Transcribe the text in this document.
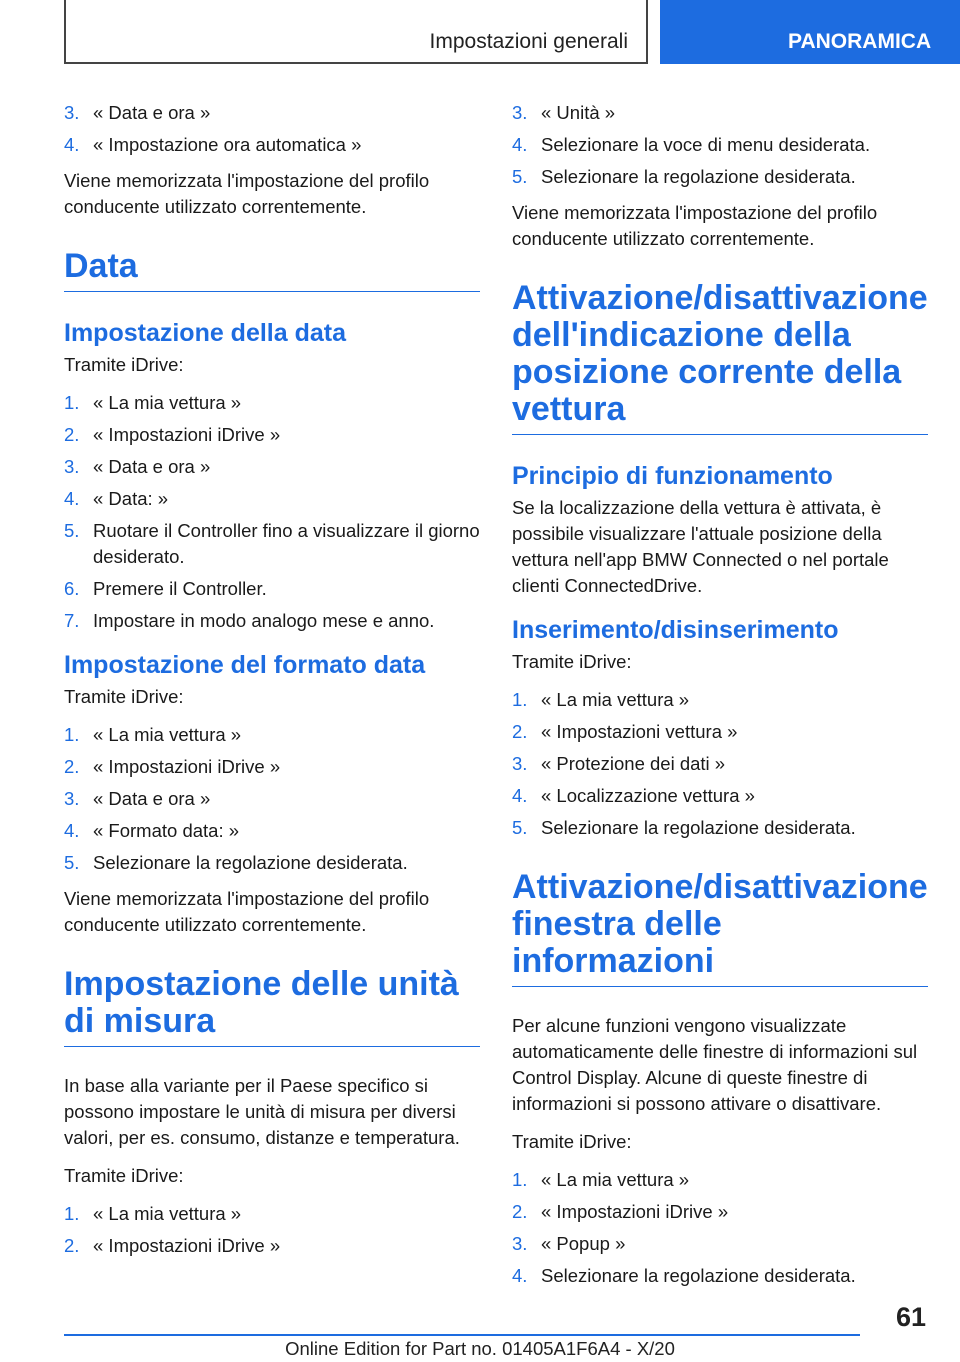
Impostazioni generali	PANORAMICA
3. « Data e ora »
4. « Impostazione ora automatica »

Viene memorizzata l'impostazione del profilo conducente utilizzato correntemente.

Data
Impostazione della data

Tramite iDrive:

1. « La mia vettura »
2. « Impostazioni iDrive »
3. « Data e ora »
4. « Data: »
5. Ruotare il Controller fino a visualizzare il giorno desiderato.
6. Premere il Controller.
7. Impostare in modo analogo mese e anno.
Impostazione del formato data

Tramite iDrive:

1. « La mia vettura »
2. « Impostazioni iDrive »
3. « Data e ora »
4. « Formato data: »
5. Selezionare la regolazione desiderata.

Viene memorizzata l'impostazione del profilo conducente utilizzato correntemente.

Impostazione delle unità di misura

In base alla variante per il Paese specifico si possono impostare le unità di misura per diversi valori, per es. consumo, distanze e temperatura.

Tramite iDrive:

1. « La mia vettura »
2. « Impostazioni iDrive »
3. « Unità »
4. Selezionare la voce di menu desiderata.
5. Selezionare la regolazione desiderata.

Viene memorizzata l'impostazione del profilo conducente utilizzato correntemente.

Attivazione/disattivazione dell'indicazione della posizione corrente della vettura
Principio di funzionamento

Se la localizzazione della vettura è attivata, è possibile visualizzare l'attuale posizione della vettura nell'app BMW Connected o nel portale clienti ConnectedDrive.

Inserimento/disinserimento

Tramite iDrive:

1. « La mia vettura »
2. « Impostazioni vettura »
3. « Protezione dei dati »
4. « Localizzazione vettura »
5. Selezionare la regolazione desiderata.
Attivazione/disattivazione finestra delle informazioni

Per alcune funzioni vengono visualizzate automaticamente delle finestre di informazioni sul Control Display. Alcune di queste finestre di informazioni si possono attivare o disattivare.

Tramite iDrive:

1. « La mia vettura »
2. « Impostazioni iDrive »
3. « Popup »
4. Selezionare la regolazione desiderata.
61
Online Edition for Part no. 01405A1F6A4 - X/20
